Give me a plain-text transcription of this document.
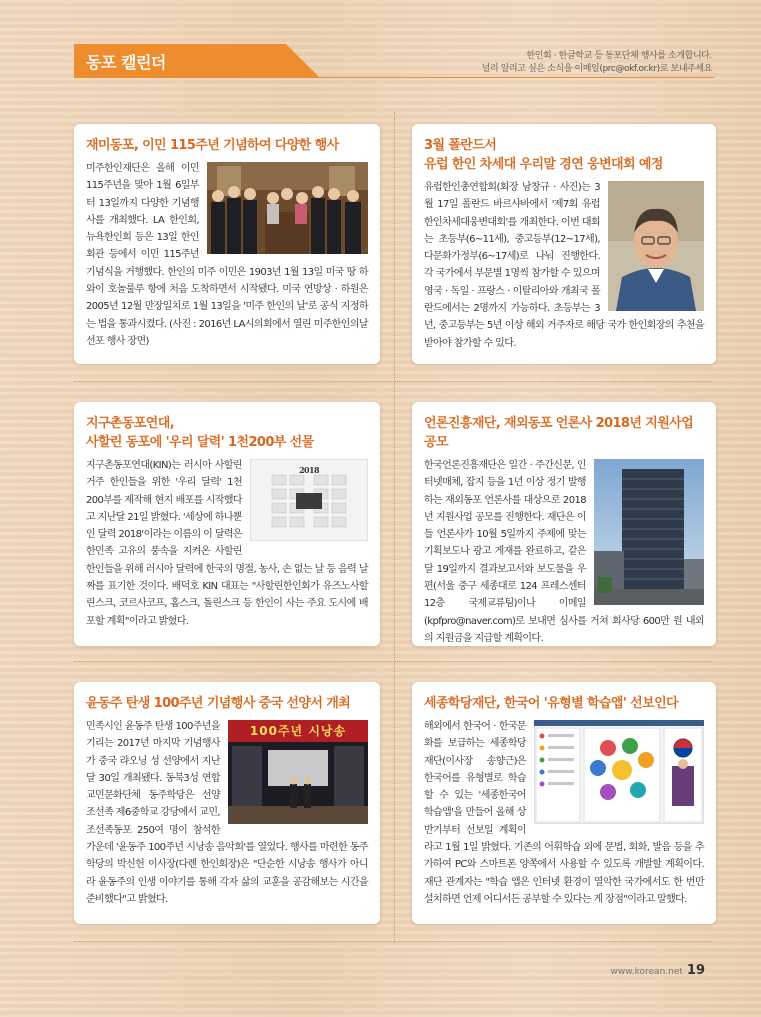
동포 캘린더	한인회 · 한글학교 등 동포단체 행사를 소개합니다.
널리 알리고 싶은 소식을 이메일(prc@okf.or.kr)로 보내주세요
재미동포, 이민 115주년 기념하여 다양한 행사

미주한인재단은 올해 이민 115주년을 맞아 1월 6일부터 13일까지 다양한 기념행사를 개최했다. LA 한인회, 뉴욕한인회 등은 13일 한인회관 등에서 이민 115주년 기념식을 거행했다. 한인의 미주 이민은 1903년 1월 13일 미국 땅 하와이 호놀룰루 항에 처음 도착하면서 시작됐다. 미국 연방상 · 하원은 2005년 12월 만장일치로 1월 13일을 '미주 한인의 날'로 공식 지정하는 법을 통과시켰다. (사진 : 2016년 LA시의회에서 열린 미주한인의날 선포 행사 장면)

3월 폴란드서
유럽 한인 차세대 우리말 경연 웅변대회 예정

유럽한인총연합회(회장 남창규 · 사진)는 3월 17일 폴란드 바르샤바에서 '제7회 유럽한인차세대웅변대회'를 개최한다. 이번 대회는 초등부(6~11세), 중고등부(12~17세), 다문화가정부(6~17세)로 나눠 진행한다. 각 국가에서 부문별 1명씩 참가할 수 있으며 영국 · 독일 · 프랑스 · 이탈리아와 개최국 폴란드에서는 2명까지 가능하다. 초등부는 3년, 중고등부는 5년 이상 해외 거주자로 해당 국가 한인회장의 추천을 받아야 참가할 수 있다.

지구촌동포연대,
사할린 동포에 '우리 달력' 1천200부 선물
2018

지구촌동포연대(KIN)는 러시아 사할린 거주 한인들을 위한 '우리 달력' 1천200부를 제작해 현지 배포를 시작했다고 지난달 21일 밝혔다. '세상에 하나뿐인 달력 2018'이라는 이름의 이 달력은 한민족 고유의 풍속을 지켜온 사할린 한인들을 위해 러시아 달력에 한국의 명절, 농사, 손 없는 날 등 음력 날짜를 표기한 것이다. 배덕호 KIN 대표는 "사할린한인회가 유즈노사할린스크, 코르사코프, 홈스크, 돌린스크 등 한인이 사는 주요 도시에 배포할 계획"이라고 밝혔다.

언론진흥재단, 재외동포 언론사 2018년 지원사업 공모

한국언론진흥재단은 일간 · 주간신문, 인터넷매체, 잡지 등을 1년 이상 정기 발행하는 재외동포 언론사를 대상으로 2018년 지원사업 공모를 진행한다. 재단은 이들 언론사가 10월 5일까지 주제에 맞는 기획보도나 광고 게재를 완료하고, 같은 달 19일까지 결과보고서와 보도물을 우편(서울 중구 세종대로 124 프레스센터 12층 국제교류팀)이나 이메일(kpfpro@naver.com)로 보내면 심사를 거쳐 회사당 600만 원 내외의 지원금을 지급할 계획이다.

윤동주 탄생 100주년 기념행사 중국 선양서 개최
100주년 시낭송

민족시인 윤동주 탄생 100주년을 기리는 2017년 마지막 기념행사가 중국 랴오닝 성 선양에서 지난달 30일 개최됐다. 동북3성 연합 교민문화단체 동주학당은 선양 조선족 제6중학교 강당에서 교민, 조선족동포 250여 명이 참석한 가운데 '윤동주 100주년 시낭송 음악회'를 열었다. 행사를 마련한 동주학당의 박신헌 이사장(다롄 한인회장)은 "단순한 시낭송 행사가 아니라 윤동주의 인생 이야기를 통해 각자 삶의 교훈을 공감해보는 시간을 준비했다"고 밝혔다.

세종학당재단, 한국어 '유형별 학습앱' 선보인다

해외에서 한국어 · 한국문화를 보급하는 세종학당재단(이사장 송향근)은 한국어를 유형별로 학습할 수 있는 '세종한국어 학습앱'을 만들어 올해 상반기부터 선보일 계획이라고 1월 1일 밝혔다. 기존의 어휘학습 외에 문법, 회화, 발음 등을 추가하여 PC와 스마트폰 양쪽에서 사용할 수 있도록 개발할 계획이다. 재단 관계자는 "학습 앱은 인터넷 환경이 열악한 국가에서도 한 번만 설치하면 언제 어디서든 공부할 수 있다는 게 장점"이라고 말했다.

www.korean.net 19
